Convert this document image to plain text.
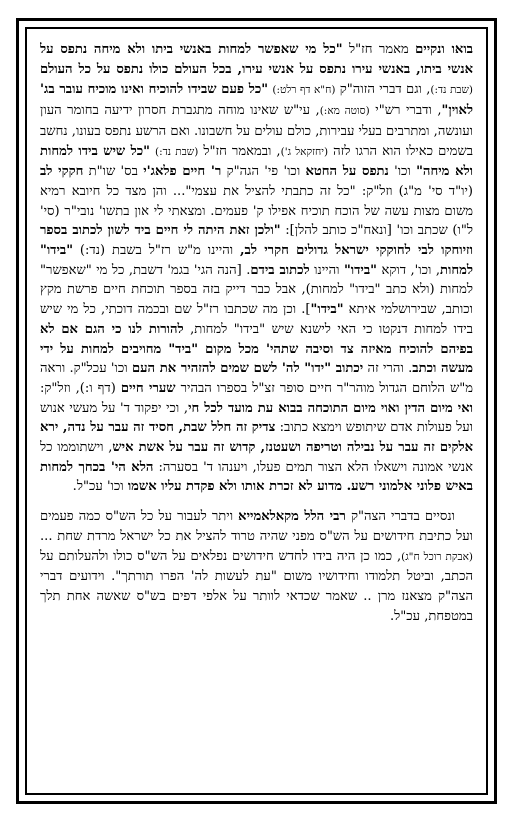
בואו ונקיים מאמר חז"ל "כל מי שאפשר למחות באנשי ביתו ולא מיחה נתפס על אנשי ביתו, באנשי עירו נתפס על אנשי עירו, בכל העולם כולו נתפס על כל העולם (שבת נד:), וגם דברי הזוה"ק (ח"א דף רלט:) "כל פעם שבידו להוכיח ואינו מוכיח עובר בג' לאוין", ודברי רש"י (סוטה מא:), עי"ש שאינו מוחה מתגברת חסרון ידיעה בחומר העון ועונשה, ומתרבים בעלי עבירות, כולם עולים על חשבונו. ואם הרשע נתפס בעונו, נחשב בשמים כאילו הוא הרגו לזה (יחזקאל ג'), ובמאמר חז"ל (שבת נד:) "כל שיש בידו למחות ולא מיחה" וכו' נתפס על החטא וכו' פי' הגה"ק ר' חיים פלאג'י בס' שו"ת חקקי לב (יו"ד סי' מ"ג) וזל"ק: "כל זה כתבתי להציל את עצמי"... והן מצד כל חיובא רמיא משום מצות עשה של הוכח תוכיח אפילו ק' פעמים. ומצאתי לי און בתשו' נובי"ר (סי' ל"ו) שכתב וכו' [ונאח"כ כותב להלן]: "ולכן זאת היתה לי חיים ביד לשון לכתוב בספר וזיוחקו לבי לחוקקי ישראל גדולים חקרי לב, והיינו מ"ש רז"ל בשבת (נד:) "בידו" למחות, וכו', דוקא "בידו" והיינו לכתוב בידם. [הנה הגי' בגמ' דשבת, כל מי "שאפשר" למחות (ולא כתב "בידו" למחות), אבל כבר דייק בזה בספר תוכחת חיים פרשת מקץ וכותב, שבירושלמי איתא "בידו"]. וכן מה שכתבו רז"ל שם ובכמה דוכתי, כל מי שיש בידו למחות דנקטו כי האי לישנא שיש "בידו" למחות, להורות לנו כי הגם אם לא בפיהם להוכיח מאיזה צד וסיבה שתהי' מכל מקום "ביד" מחויבים למחות על ידי מעשה וכתב. והרי זה יכתוב "ידו" לה' לשם שמים להזהיר את העם וכו' עכל"ק. וראה מ"ש הלוחם הגדול מוהר"ר חיים סופר זצ"ל בספרו הבהיר שערי חיים (דף ו:), וזל"ק: ואי מיום הדין ואוי מיום התוכחה בבוא עת מועד לכל חי, וכי יפקוד ד' על מעשי אנוש ועל פעולות אדם שיתופש וימצא כתוב: צדיק זה חלל שבת, חסיד זה עבר על נדה, ירא אלקים זה עבר על נבילה וטריפה ושעטנז, קדוש זה עבר על אשת איש, וישתוממו כל אנשי אמונה וישאלו הלא הצור תמים פעלו, ויענהו ד' בסערה: הלא הי' בכחך למחות באיש פלוני אלמוני רשע. מדוע לא זכרת אותו ולא פקדת עליו אשמו וכו' עכ"ל.

ונסיים בדברי הצה"ק רבי הלל מקאלאמייא ויתר לעבור על כל הש"ס כמה פעמים ועל כתיבת חידושים על הש"ס מפני שהיה טרוד להציל את כל ישראל מרדת שחת ... (אבקת רוכל ח"ג), כמו כן היה בידו לחדש חידושים נפלאים על הש"ס כולו ולהעלותם על הכתב, וביטל תלמודו וחידושיו משום "עת לעשות לה' הפרו תורתך". וידועים דברי הצה"ק מצאנז מרן .. שאמר שכדאי לוותר על אלפי דפים בש"ס שאשה אחת תלך במטפחת, עכ"ל.
